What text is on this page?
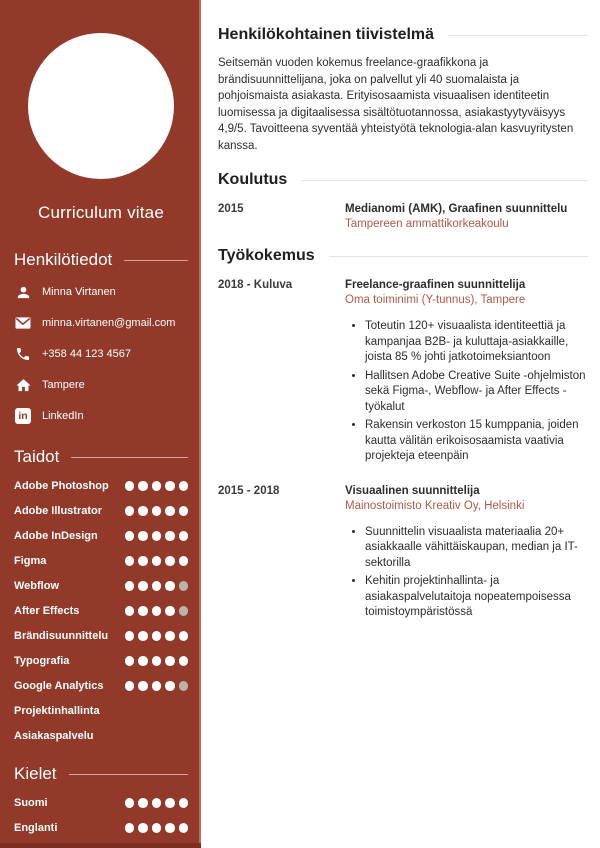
Curriculum vitae
Henkilötiedot
Minna Virtanen
minna.virtanen@gmail.com
+358 44 123 4567
Tampere
in	LinkedIn
Taidot
Adobe Photoshop
Adobe Illustrator
Adobe InDesign
Figma
Webflow
After Effects
Brändisuunnittelu
Typografia
Google Analytics
Projektinhallinta
Asiakaspalvelu
Kielet
Suomi
Englanti
Henkilökohtainen tiivistelmä

Seitsemän vuoden kokemus freelance-graafikkona ja brändisuunnittelijana, joka on palvellut yli 40 suomalaista ja pohjoismaista asiakasta. Erityisosaamista visuaalisen identiteetin luomisessa ja digitaalisessa sisältötuotannossa, asiakastyytyväisyys 4,9/5. Tavoitteena syventää yhteistyötä teknologia-alan kasvuyritysten kanssa.

Koulutus
2015	Medianomi (AMK), Graafinen suunnittelu
Tampereen ammattikorkeakoulu
Työkokemus
2018 - Kuluva	Freelance-graafinen suunnittelija
Oma toiminimi (Y-tunnus), Tampere
• Toteutin 120+ visuaalista identiteettiä ja kampanjaa B2B- ja kuluttaja-asiakkaille, joista 85 % johti jatkotoimeksiantoon
• Hallitsen Adobe Creative Suite -ohjelmiston sekä Figma-, Webflow- ja After Effects -työkalut
• Rakensin verkoston 15 kumppania, joiden kautta välitän erikoisosaamista vaativia projekteja eteenpäin
2015 - 2018	Visuaalinen suunnittelija
Mainostoimisto Kreativ Oy, Helsinki
• Suunnittelin visuaalista materiaalia 20+ asiakkaalle vähittäiskaupan, median ja IT-sektorilla
• Kehitin projektinhallinta- ja asiakaspalvelutaitoja nopeatempoisessa toimistoympäristössä
